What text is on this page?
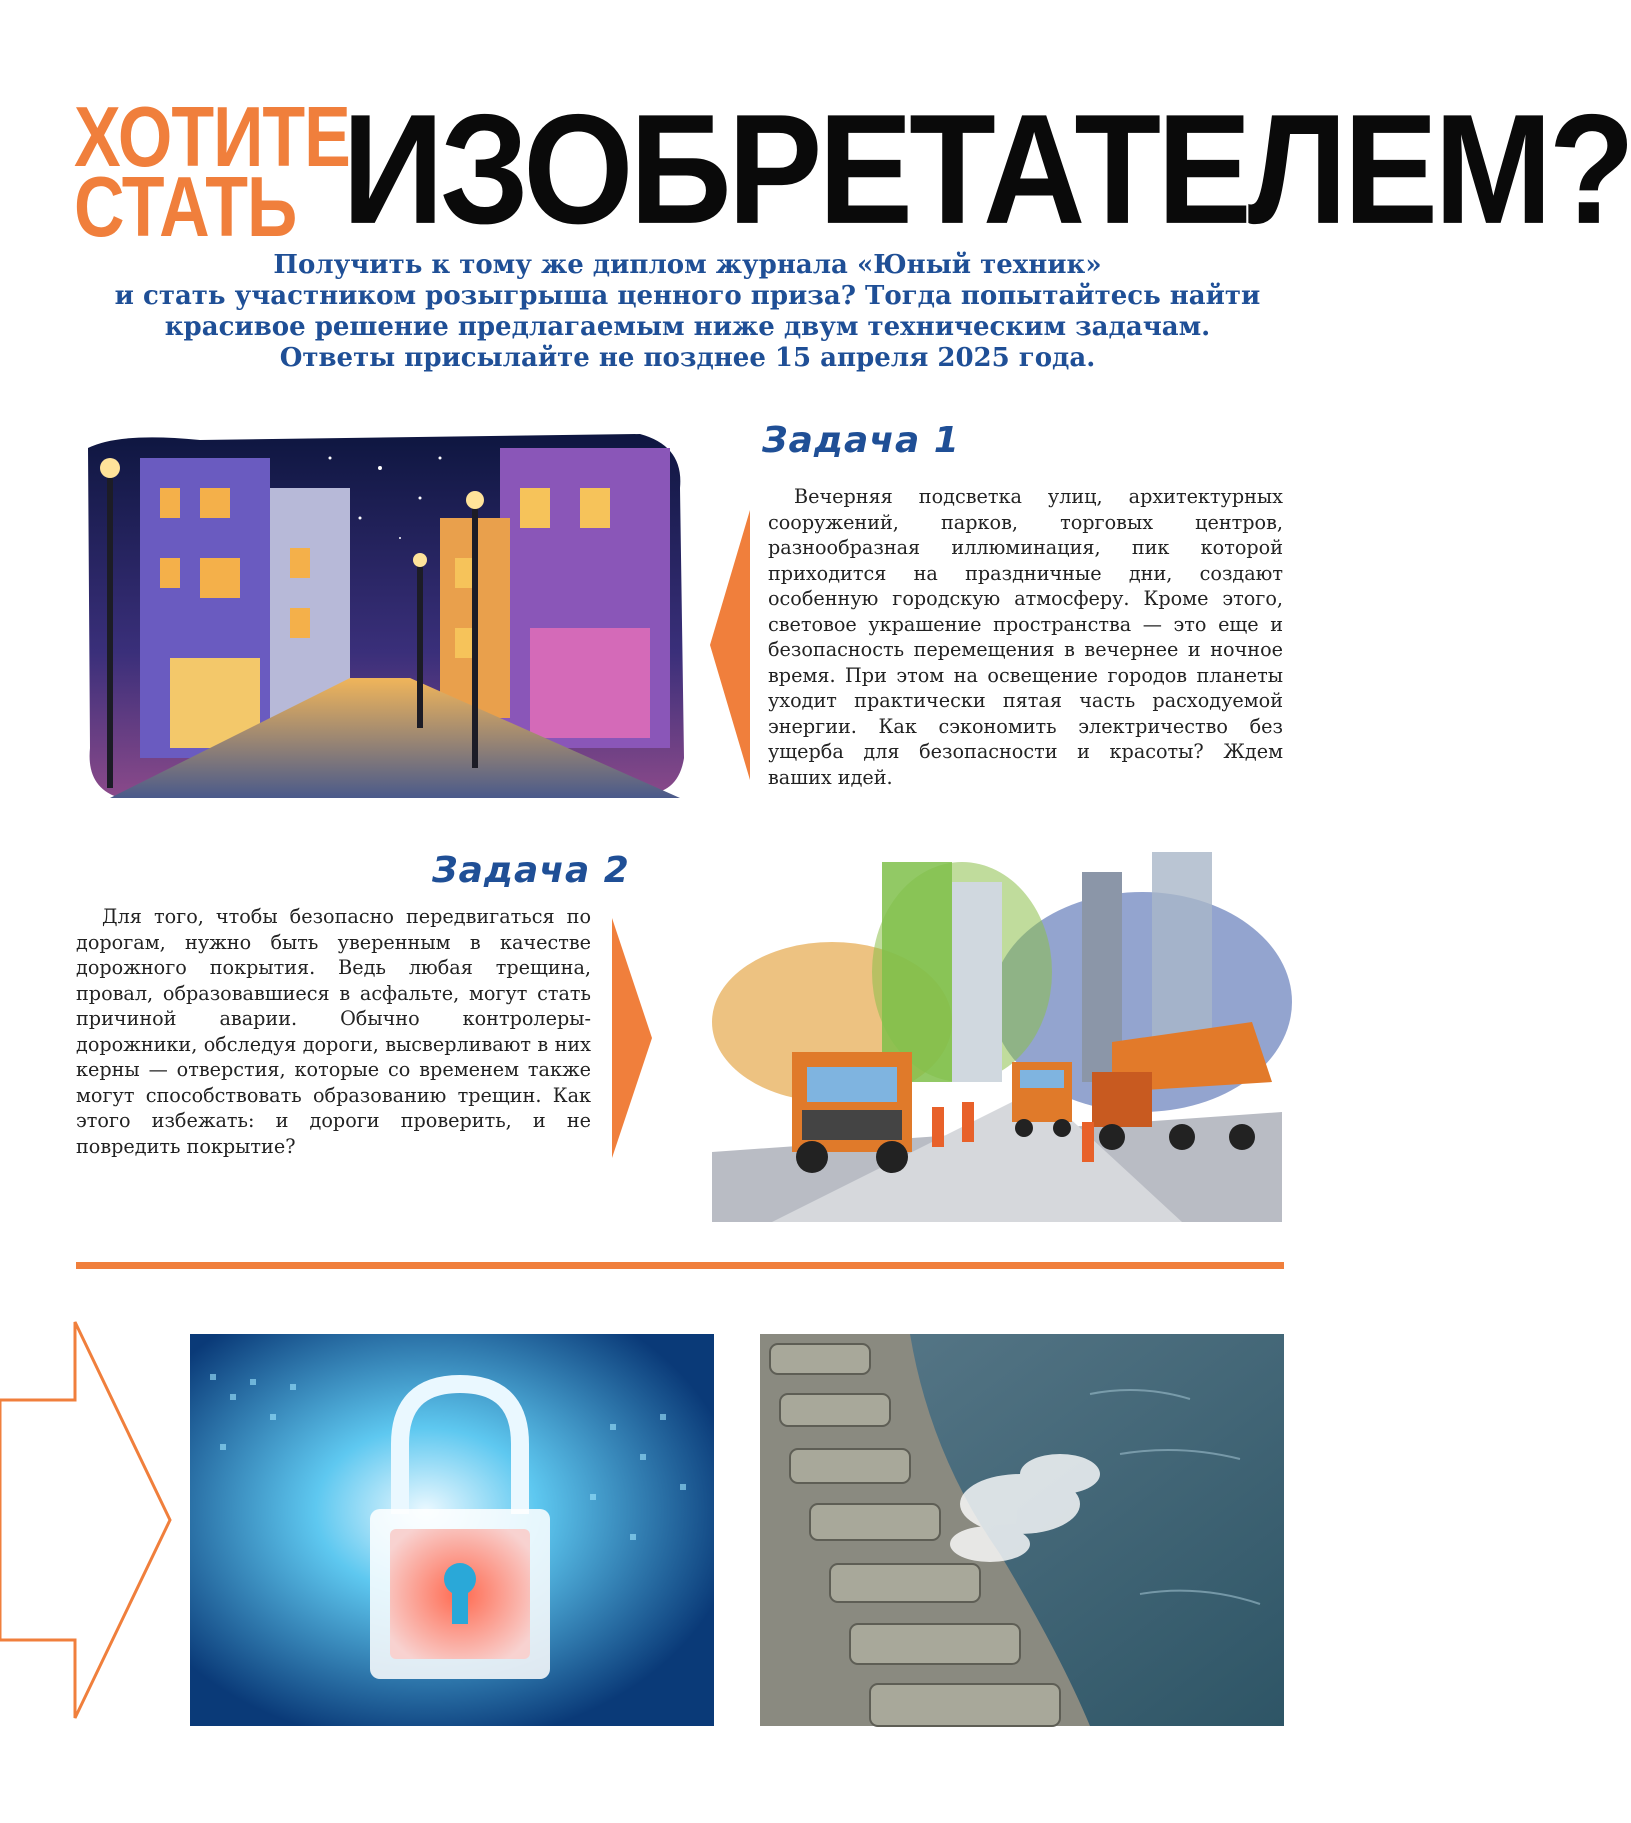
ХОТИТЕ
СТАТЬ ИЗОБРЕТАТЕЛЕМ?

Получить к тому же диплом журнала «Юный техник»

и стать участником розыгрыша ценного приза? Тогда попытайтесь найти

красивое решение предлагаемым ниже двум техническим задачам.

Ответы присылайте не позднее 15 апреля 2025 года.

Задача 1

Вечерняя подсветка улиц, архитектурных сооружений, парков, торговых центров, разнообразная иллюминация, пик которой приходится на праздничные дни, создают особенную городскую атмосферу. Кроме этого, световое украшение пространства — это еще и безопасность перемещения в вечернее и ночное время. При этом на освещение городов планеты уходит практически пятая часть расходуемой энергии. Как сэкономить электричество без ущерба для безопасности и красоты? Ждем ваших идей.

Задача 2

Для того, чтобы безопасно передвигаться по дорогам, нужно быть уверенным в качестве дорожного покрытия. Ведь любая трещина, провал, образовавшиеся в асфальте, могут стать причиной аварии. Обычно контролеры-дорожники, обследуя дороги, высверливают в них керны — отверстия, которые со временем также могут способствовать образованию трещин. Как этого избежать: и дороги проверить, и не повредить покрытие?
